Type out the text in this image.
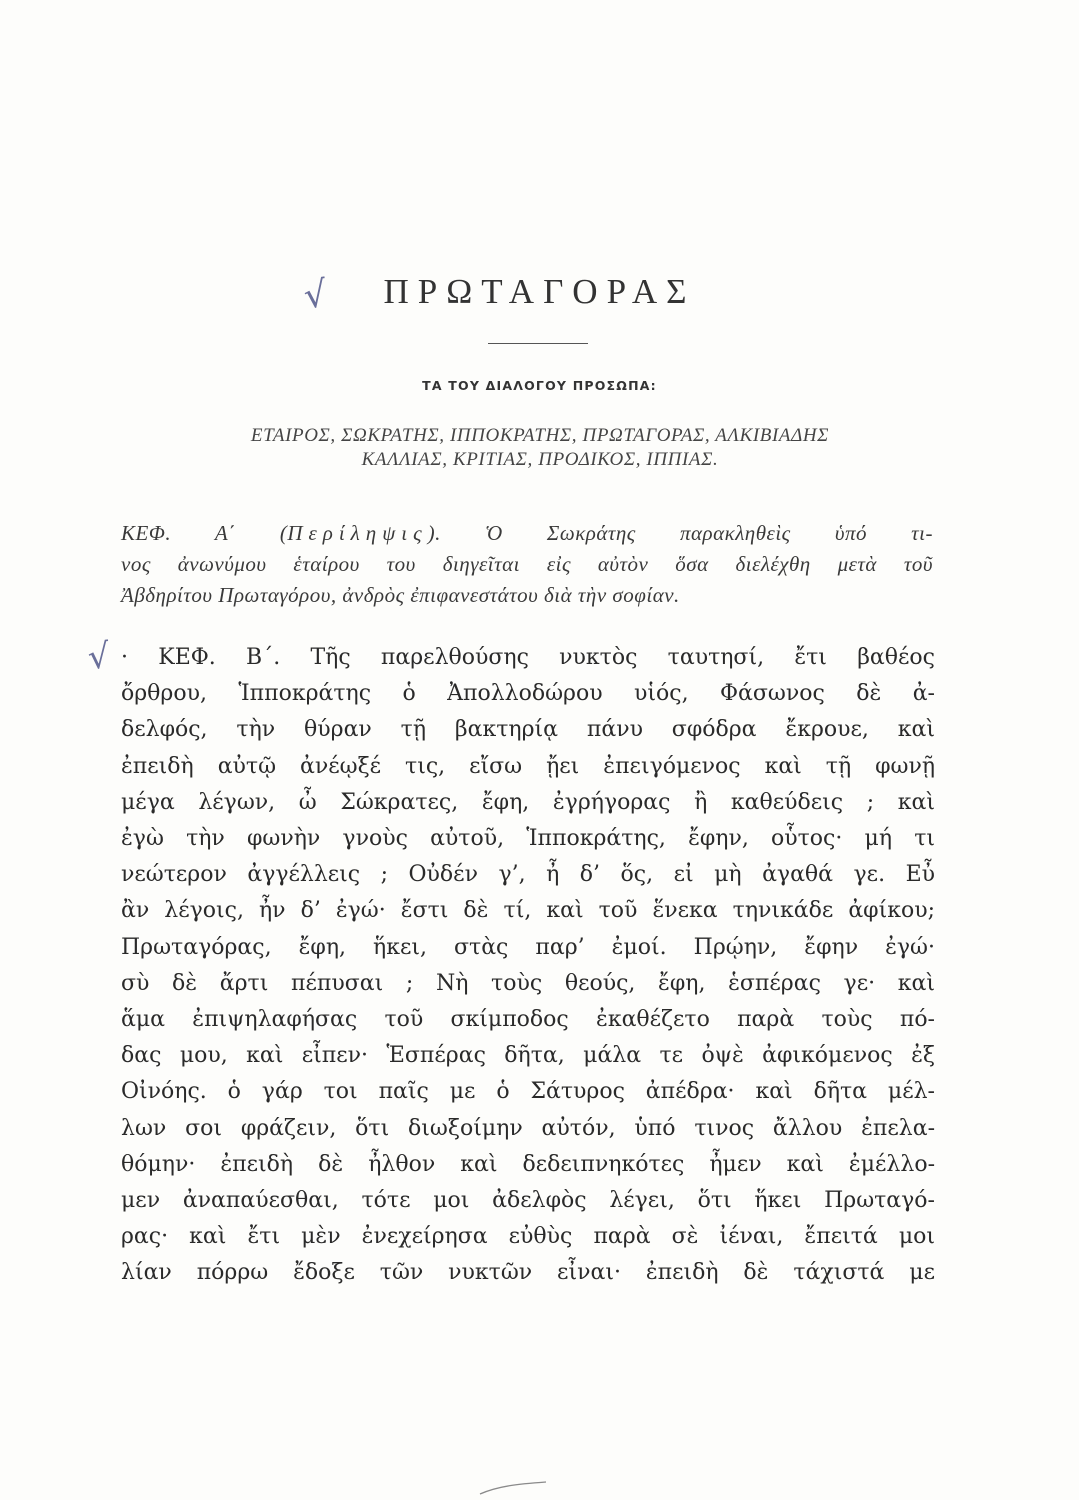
√	ΠΡΩΤΑΓΟΡΑΣ
ΤΑ ΤΟΥ ΔΙΑΛΟΓΟΥ ΠΡΟΣΩΠΑ:
ΕΤΑΙΡΟΣ, ΣΩΚΡΑΤΗΣ, ΙΠΠΟΚΡΑΤΗΣ, ΠΡΩΤΑΓΟΡΑΣ, ΑΛΚΙΒΙΑΔΗΣ
ΚΑΛΛΙΑΣ, ΚΡΙΤΙΑΣ, ΠΡΟΔΙΚΟΣ, ΙΠΠΙΑΣ.
ΚΕΦ. Α΄ (Περίληψις). Ὁ Σωκράτης παρακληθεὶς ὑπό τι-
νος ἀνωνύμου ἑταίρου του διηγεῖται εἰς αὐτὸν ὅσα διελέχθη μετὰ τοῦ
Ἀβδηρίτου Πρωταγόρου, ἀνδρὸς ἐπιφανεστάτου διὰ τὴν σοφίαν.
√ · ΚΕΦ. Β΄. Τῆς παρελθούσης νυκτὸς ταυτησί, ἔτι βαθέος
ὄρθρου, Ἱπποκράτης ὁ Ἀπολλοδώρου υἱός, Φάσωνος δὲ ἀ-
δελφός, τὴν θύραν τῇ βακτηρίᾳ πάνυ σφόδρα ἔκρουε, καὶ
ἐπειδὴ αὐτῷ ἀνέῳξέ τις, εἴσω ᾔει ἐπειγόμενος καὶ τῇ φωνῇ
μέγα λέγων, ὦ Σώκρατες, ἔφη, ἐγρήγορας ἢ καθεύδεις ; καὶ
ἐγὼ τὴν φωνὴν γνοὺς αὐτοῦ, Ἱπποκράτης, ἔφην, οὗτος· μή τι
νεώτερον ἀγγέλλεις ; Οὐδέν γ’, ἦ δ’ ὅς, εἰ μὴ ἀγαθά γε. Εὖ
ἂν λέγοις, ἦν δ’ ἐγώ· ἔστι δὲ τί, καὶ τοῦ ἕνεκα τηνικάδε ἀφίκου;
Πρωταγόρας, ἔφη, ἥκει, στὰς παρ’ ἐμοί. Πρῴην, ἔφην ἐγώ·
σὺ δὲ ἄρτι πέπυσαι ; Νὴ τοὺς θεούς, ἔφη, ἑσπέρας γε· καὶ
ἅμα ἐπιψηλαφήσας τοῦ σκίμποδος ἐκαθέζετο παρὰ τοὺς πό-
δας μου, καὶ εἶπεν· Ἑσπέρας δῆτα, μάλα τε ὀψὲ ἀφικόμενος ἐξ
Οἰνόης. ὁ γάρ τοι παῖς με ὁ Σάτυρος ἀπέδρα· καὶ δῆτα μέλ-
λων σοι φράζειν, ὅτι διωξοίμην αὐτόν, ὑπό τινος ἄλλου ἐπελα-
θόμην· ἐπειδὴ δὲ ἦλθον καὶ δεδειπνηκότες ἦμεν καὶ ἐμέλλο-
μεν ἀναπαύεσθαι, τότε μοι ἀδελφὸς λέγει, ὅτι ἥκει Πρωταγό-
ρας· καὶ ἔτι μὲν ἐνεχείρησα εὐθὺς παρὰ σὲ ἰέναι, ἔπειτά μοι
λίαν πόρρω ἔδοξε τῶν νυκτῶν εἶναι· ἐπειδὴ δὲ τάχιστά με
